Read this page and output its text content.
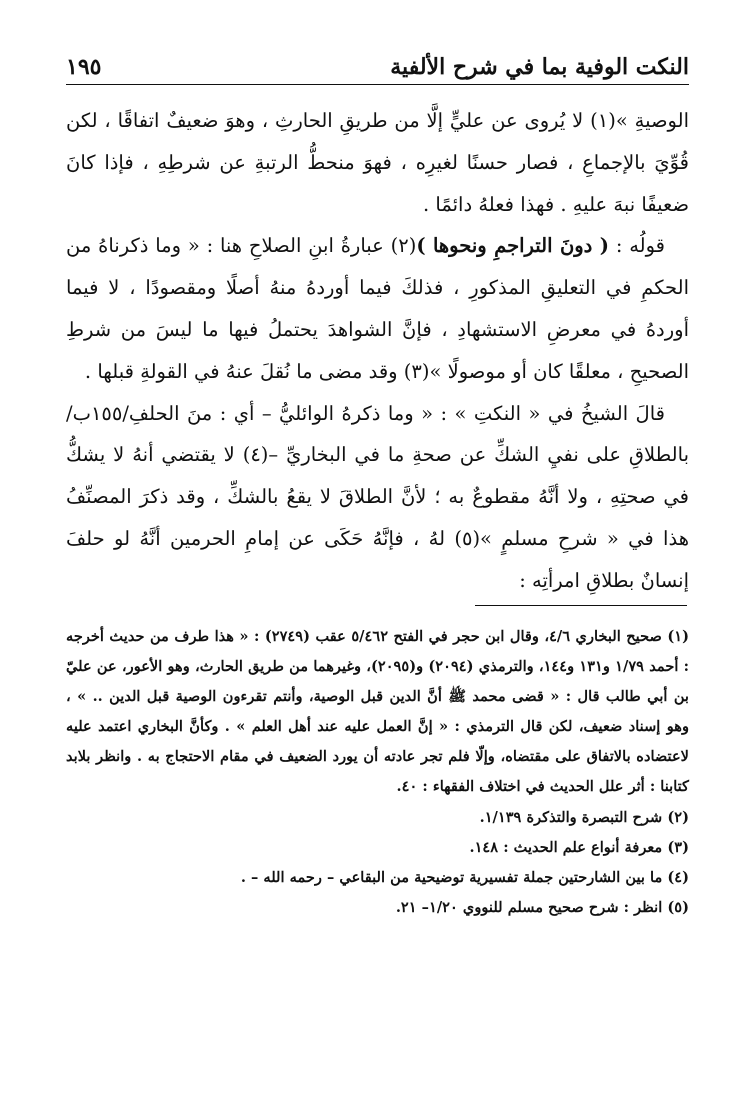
النكت الوفية بما في شرح الألفية
١٩٥

الوصيةِ »(١) لا يُروى عن عليٍّ إلَّا من طريقِ الحارثِ ، وهوَ ضعيفٌ اتفاقًا ، لكن قُوِّيَ بالإجماعِ ، فصار حسنًا لغيرِه ، فهوَ منحطُّ الرتبةِ عن شرطِهِ ، فإذا كانَ ضعيفًا نبهَ عليهِ . فهذا فعلهُ دائمًا .

قولُه : ( دونَ التراجمِ ونحوها )(٢) عبارةُ ابنِ الصلاحِ هنا : « وما ذكرناهُ من الحكمِ في التعليقِ المذكورِ ، فذلكَ فيما أوردهُ منهُ أصلًا ومقصودًا ، لا فيما أوردهُ في معرضِ الاستشهادِ ، فإنَّ الشواهدَ يحتملُ فيها ما ليسَ من شرطِ الصحيحِ ، معلقًا كان أو موصولًا »(٣) وقد مضى ما نُقلَ عنهُ في القولةِ قبلها .

قالَ الشيخُ في « النكتِ » : « وما ذكرهُ الوائليُّ – أي : منَ الحلفِ/١٥٥ب/ بالطلاقِ على نفيِ الشكِّ عن صحةِ ما في البخاريِّ –(٤) لا يقتضي أنهُ لا يشكُّ في صحتِهِ ، ولا أنَّهُ مقطوعٌ به ؛ لأنَّ الطلاقَ لا يقعُ بالشكِّ ، وقد ذكرَ المصنِّفُ هذا في « شرحِ مسلمٍ »(٥) لهُ ، فإنَّهُ حَكَى عن إمامِ الحرمين أنَّهُ لو حلفَ إنسانٌ بطلاقِ امرأتِه :

(١) صحيح البخاري ٤/٦، وقال ابن حجر في الفتح ٥/٤٦٢ عقب (٢٧٤٩) : « هذا طرف من حديث أخرجه : أحمد ١/٧٩ و١٣١ و١٤٤، والترمذي (٢٠٩٤) و(٢٠٩٥)، وغيرهما من طريق الحارث، وهو الأعور، عن عليّ بن أبي طالب قال : « قضى محمد ﷺ أنَّ الدين قبل الوصية، وأنتم تقرءون الوصية قبل الدين .. » ، وهو إسناد ضعيف، لكن قال الترمذي : « إنَّ العمل عليه عند أهل العلم » . وكأنَّ البخاري اعتمد عليه لاعتضاده بالاتفاق على مقتضاه، وإلّا فلم تجر عادته أن يورد الضعيف في مقام الاحتجاج به . وانظر بلابد كتابنا : أثر علل الحديث في اختلاف الفقهاء : ٤٠.

(٢) شرح التبصرة والتذكرة ١/١٣٩.

(٣) معرفة أنواع علم الحديث : ١٤٨.

(٤) ما بين الشارحتين جملة تفسيرية توضيحية من البقاعي – رحمه الله – .

(٥) انظر : شرح صحيح مسلم للنووي ١/٢٠– ٢١.
